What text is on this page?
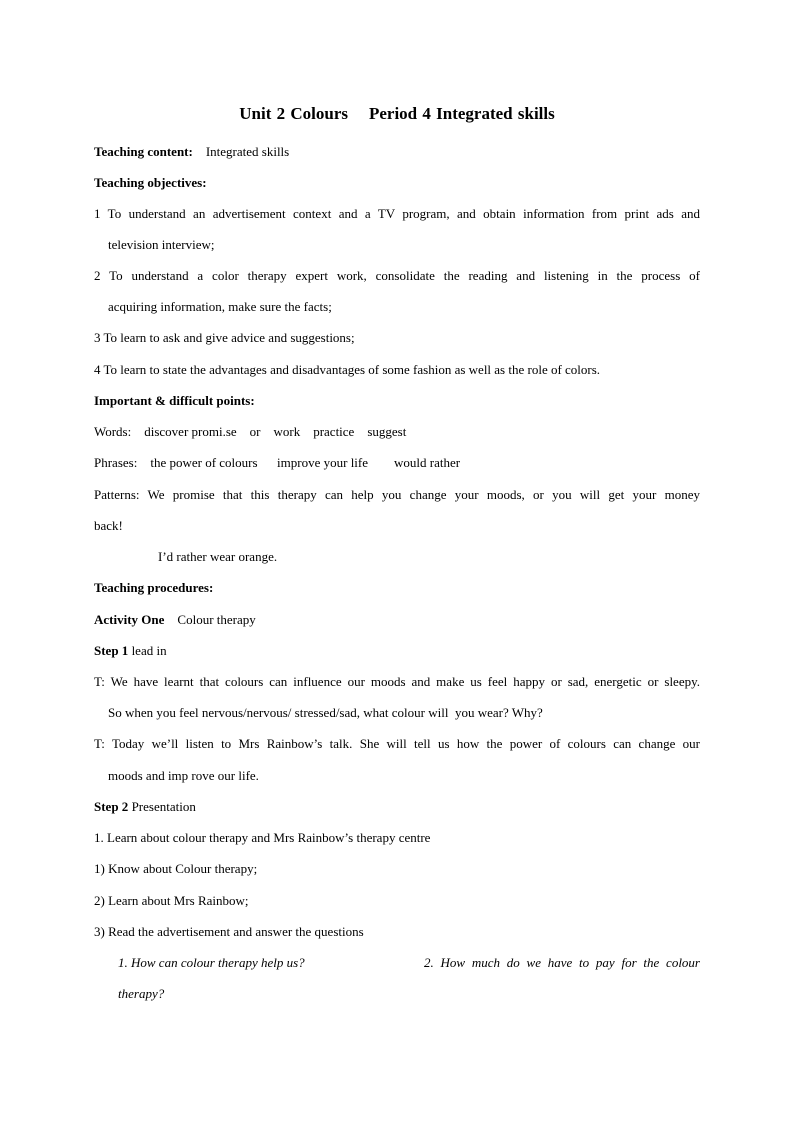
Unit 2 Colours    Period 4 Integrated skills
Teaching content:    Integrated skills
Teaching objectives:
1 To understand an advertisement context and a TV program, and obtain information from print ads and
television interview;
2 To understand a color therapy expert work, consolidate the reading and listening in the process of
acquiring information, make sure the facts;
3 To learn to ask and give advice and suggestions;
4 To learn to state the advantages and disadvantages of some fashion as well as the role of colors.
Important & difficult points:
Words:    discover promi.se    or    work    practice    suggest
Phrases:    the power of colours      improve your life        would rather
Patterns: We promise that this therapy can help you change your moods, or you will get your money
back!
I’d rather wear orange.
Teaching procedures:
Activity One    Colour therapy
Step 1 lead in
T: We have learnt that colours can influence our moods and make us feel happy or sad, energetic or sleepy.
So when you feel nervous/nervous/ stressed/sad, what colour will  you wear? Why?
T: Today we’ll listen to Mrs Rainbow’s talk. She will tell us how the power of colours can change our
moods and imp rove our life.
Step 2 Presentation
1. Learn about colour therapy and Mrs Rainbow’s therapy centre
1) Know about Colour therapy;
2) Learn about Mrs Rainbow;
3) Read the advertisement and answer the questions
1. How can colour therapy help us?	2. How much do we have to pay for the colour
therapy?
